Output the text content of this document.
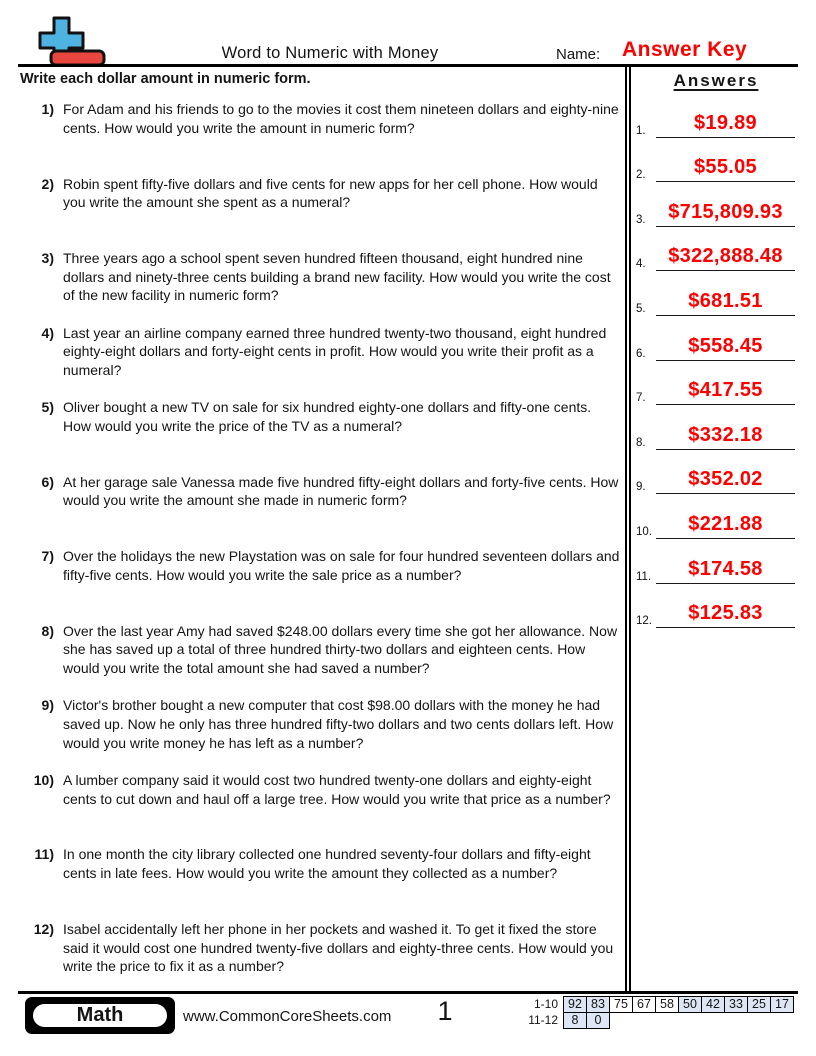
Word to Numeric with Money	Name: Answer Key
Write each dollar amount in numeric form.
1) For Adam and his friends to go to the movies it cost them nineteen dollars and eighty-nine cents. How would you write the amount in numeric form?
2) Robin spent fifty-five dollars and five cents for new apps for her cell phone. How would you write the amount she spent as a numeral?
3) Three years ago a school spent seven hundred fifteen thousand, eight hundred nine dollars and ninety-three cents building a brand new facility. How would you write the cost of the new facility in numeric form?
4) Last year an airline company earned three hundred twenty-two thousand, eight hundred eighty-eight dollars and forty-eight cents in profit. How would you write their profit as a numeral?
5) Oliver bought a new TV on sale for six hundred eighty-one dollars and fifty-one cents. How would you write the price of the TV as a numeral?
6) At her garage sale Vanessa made five hundred fifty-eight dollars and forty-five cents. How would you write the amount she made in numeric form?
7) Over the holidays the new Playstation was on sale for four hundred seventeen dollars and fifty-five cents. How would you write the sale price as a number?
8) Over the last year Amy had saved $248.00 dollars every time she got her allowance. Now she has saved up a total of three hundred thirty-two dollars and eighteen cents. How would you write the total amount she had saved a number?
9) Victor's brother bought a new computer that cost $98.00 dollars with the money he had saved up. Now he only has three hundred fifty-two dollars and two cents dollars left. How would you write money he has left as a number?
10) A lumber company said it would cost two hundred twenty-one dollars and eighty-eight cents to cut down and haul off a large tree. How would you write that price as a number?
11) In one month the city library collected one hundred seventy-four dollars and fifty-eight cents in late fees. How would you write the amount they collected as a number?
12) Isabel accidentally left her phone in her pockets and washed it. To get it fixed the store said it would cost one hundred twenty-five dollars and eighty-three cents. How would you write the price to fix it as a number?
Answers
1.	$19.89
2.	$55.05
3.	$715,809.93
4.	$322,888.48
5.	$681.51
6.	$558.45
7.	$417.55
8.	$332.18
9.	$352.02
10.	$221.88
11.	$174.58
12.	$125.83
Math	www.CommonCoreSheets.com	1	1-10 92 83 75 67 58 50 42 33 25 17
11-12	8	0
